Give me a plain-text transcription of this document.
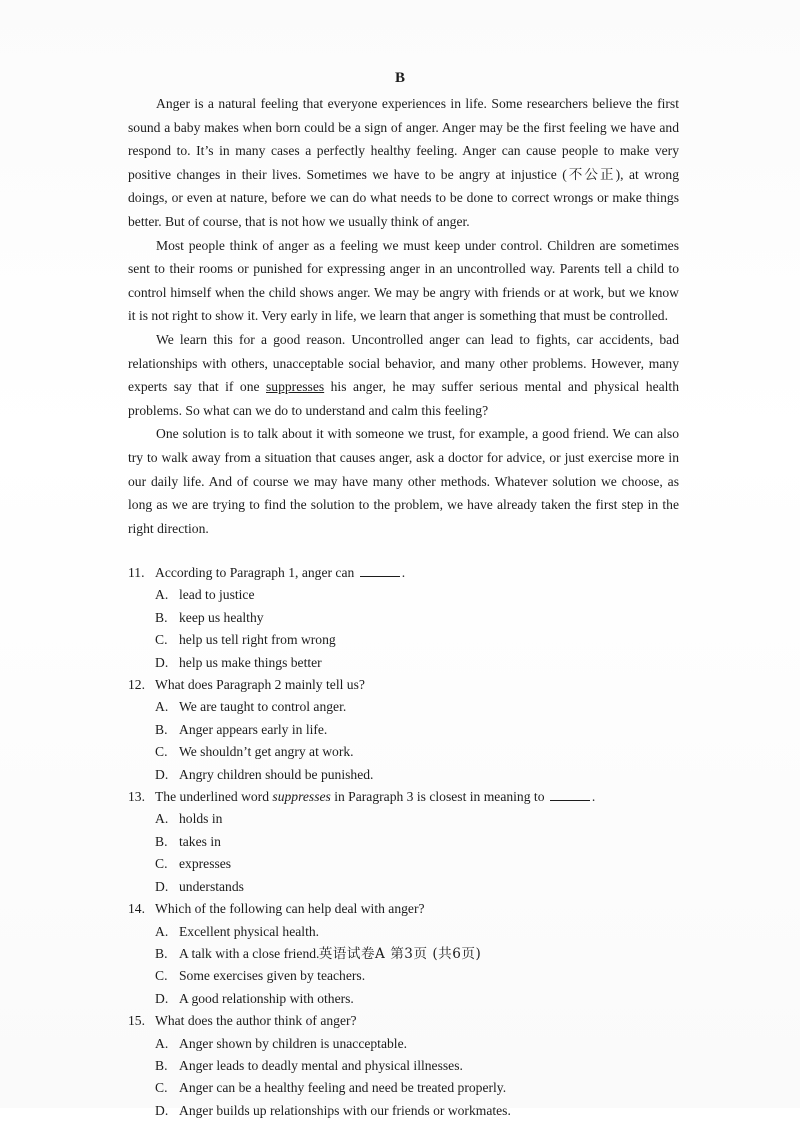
B

Anger is a natural feeling that everyone experiences in life. Some researchers believe the first sound a baby makes when born could be a sign of anger. Anger may be the first feeling we have and respond to. It’s in many cases a perfectly healthy feeling. Anger can cause people to make very positive changes in their lives. Sometimes we have to be angry at injustice (不公正), at wrong doings, or even at nature, before we can do what needs to be done to correct wrongs or make things better. But of course, that is not how we usually think of anger.

Most people think of anger as a feeling we must keep under control. Children are sometimes sent to their rooms or punished for expressing anger in an uncontrolled way. Parents tell a child to control himself when the child shows anger. We may be angry with friends or at work, but we know it is not right to show it. Very early in life, we learn that anger is something that must be controlled.

We learn this for a good reason. Uncontrolled anger can lead to fights, car accidents, bad relationships with others, unacceptable social behavior, and many other problems. However, many experts say that if one suppresses his anger, he may suffer serious mental and physical health problems. So what can we do to understand and calm this feeling?

One solution is to talk about it with someone we trust, for example, a good friend. We can also try to walk away from a situation that causes anger, ask a doctor for advice, or just exercise more in our daily life. And of course we may have many other methods. Whatever solution we choose, as long as we are trying to find the solution to the problem, we have already taken the first step in the right direction.

11. According to Paragraph 1, anger can	.
A. lead to justice
B. keep us healthy
C. help us tell right from wrong
D. help us make things better
12. What does Paragraph 2 mainly tell us?
A. We are taught to control anger.
B. Anger appears early in life.
C. We shouldn’t get angry at work.
D. Angry children should be punished.
13. The underlined word suppresses in Paragraph 3 is closest in meaning to	.
A. holds in
B. takes in
C. expresses
D. understands
14. Which of the following can help deal with anger?
A. Excellent physical health.
B. A talk with a close friend.
C. Some exercises given by teachers.
D. A good relationship with others.
15. What does the author think of anger?
A. Anger shown by children is unacceptable.
B. Anger leads to deadly mental and physical illnesses.
C. Anger can be a healthy feeling and need be treated properly.
D. Anger builds up relationships with our friends or workmates.
英语试卷A 第3页 (共6页)
